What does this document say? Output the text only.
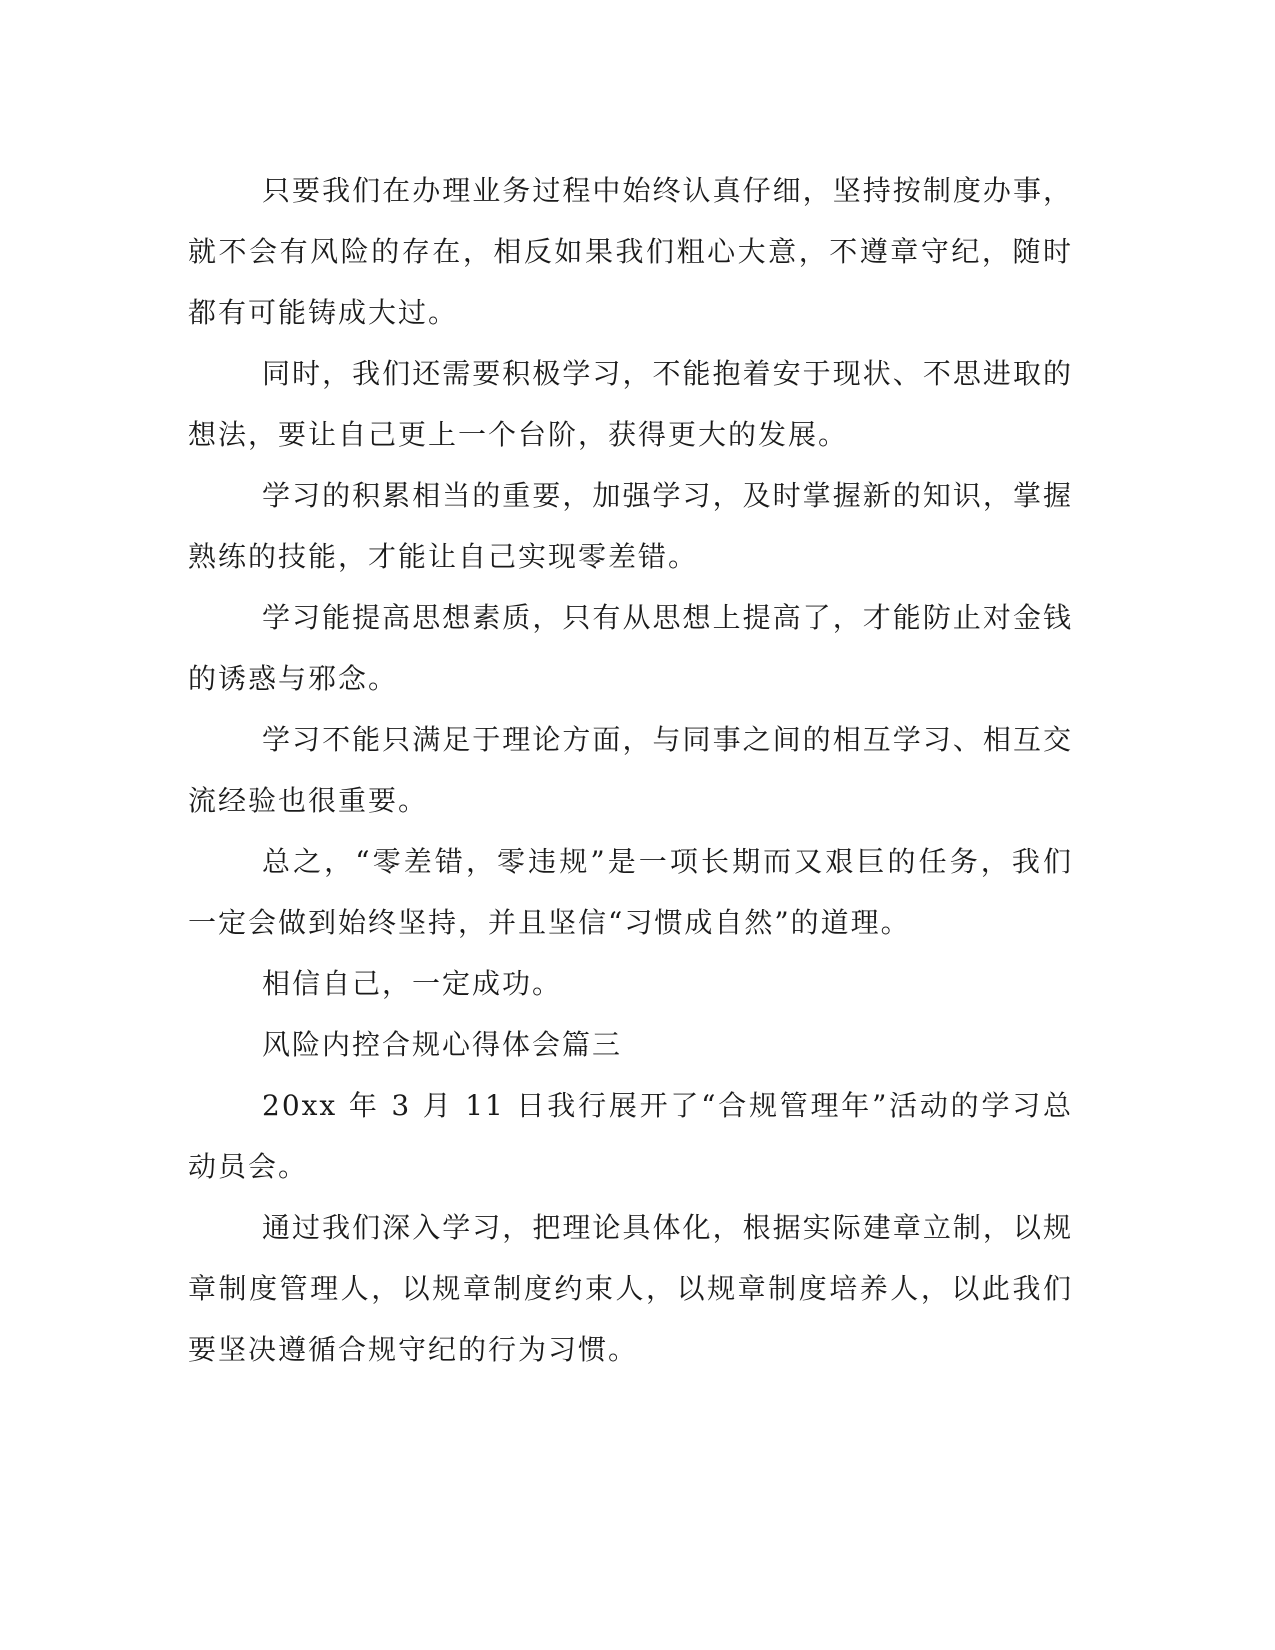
只要我们在办理业务过程中始终认真仔细，坚持按制度办事，就不会有风险的存在，相反如果我们粗心大意，不遵章守纪，随时都有可能铸成大过。

同时，我们还需要积极学习，不能抱着安于现状、不思进取的想法，要让自己更上一个台阶，获得更大的发展。

学习的积累相当的重要，加强学习，及时掌握新的知识，掌握熟练的技能，才能让自己实现零差错。

学习能提高思想素质，只有从思想上提高了，才能防止对金钱的诱惑与邪念。

学习不能只满足于理论方面，与同事之间的相互学习、相互交流经验也很重要。

总之，“零差错，零违规”是一项长期而又艰巨的任务，我们一定会做到始终坚持，并且坚信“习惯成自然”的道理。

相信自己，一定成功。

风险内控合规心得体会篇三

20xx 年 3 月 11 日我行展开了“合规管理年”活动的学习总动员会。

通过我们深入学习，把理论具体化，根据实际建章立制，以规章制度管理人，以规章制度约束人，以规章制度培养人，以此我们要坚决遵循合规守纪的行为习惯。
